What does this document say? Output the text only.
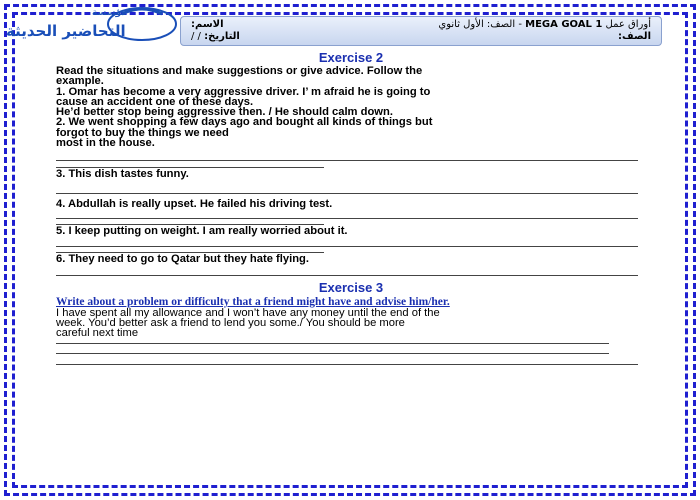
مؤسسة
التحاضير الحديثة	أوراق عمل MEGA GOAL 1 - الصف: الأول ثانوي
الاسم:
الصف:
التاريخ: / /
Exercise 2

Read the situations and make suggestions or give advice. Follow the

example.

1. Omar has become a very aggressive driver. I’ m afraid he is going to

cause an accident one of these days.

He’d better stop being aggressive then. / He should calm down.

2. We went shopping a few days ago and bought all kinds of things but

forgot to buy the things we need

most in the house.

3. This dish tastes funny.

4. Abdullah is really upset. He failed his driving test.

5. I keep putting on weight. I am really worried about it.

6. They need to go to Qatar but they hate flying.

Exercise 3

Write about a problem or difficulty that a friend might have and advise him/her.

I have spent all my allowance and I won’t have any money until the end of the

week. You’d better ask a friend to lend you some./ You should be more

careful next time
